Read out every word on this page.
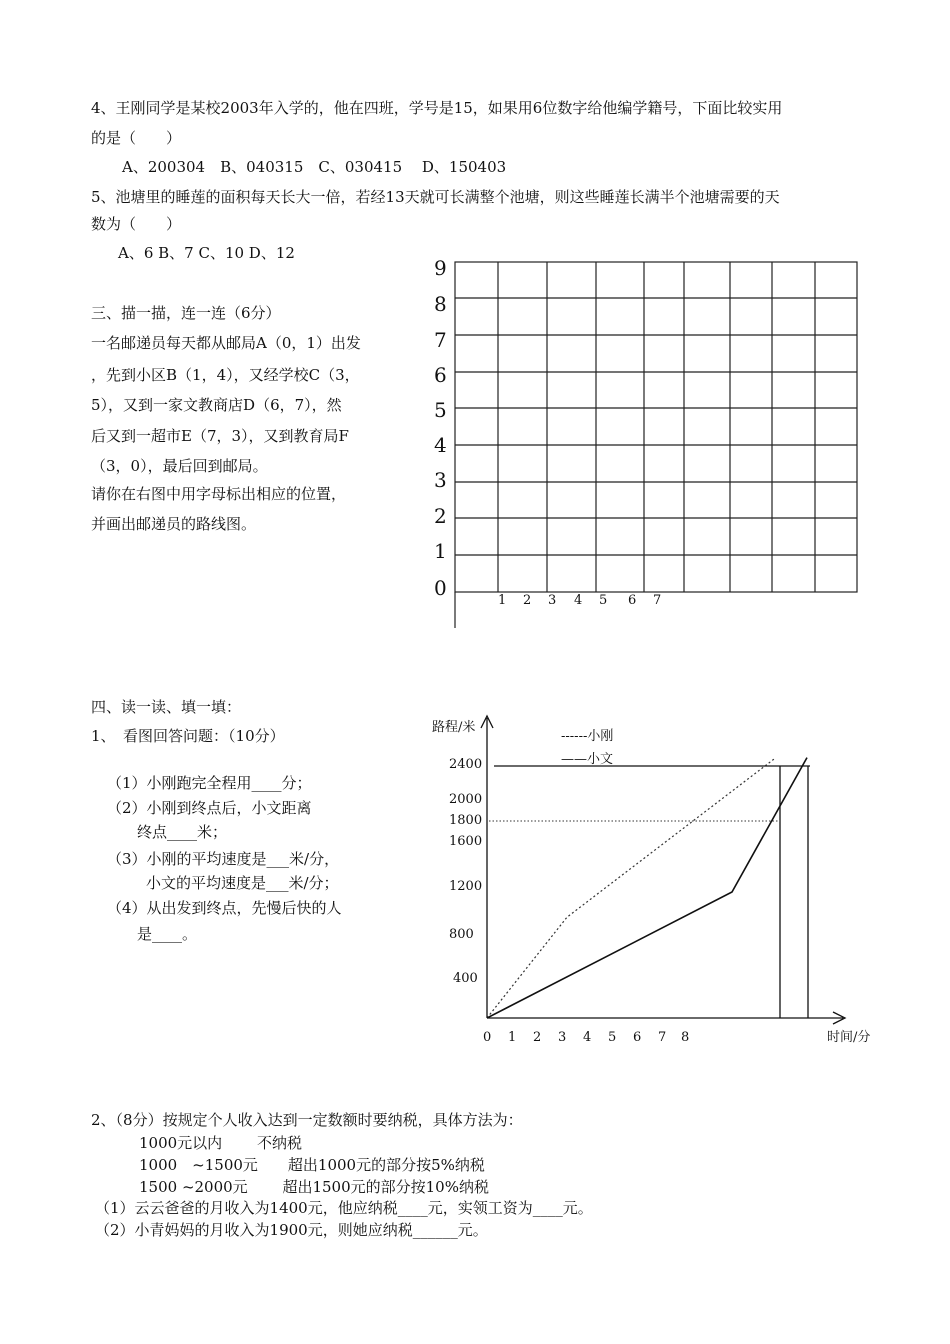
4、王刚同学是某校2003年入学的，他在四班，学号是15，如果用6位数字给他编学籍号，下面比较实用
的是（　　）
A、200304　B、040315　C、030415　 D、150403
5、池塘里的睡莲的面积每天长大一倍，若经13天就可长满整个池塘，则这些睡莲长满半个池塘需要的天
数为（　　）
A、6 B、7 C、10 D、12
三、描一描，连一连（6分）
一名邮递员每天都从邮局A（0，1）出发
，先到小区B（1，4），又经学校C（3，
5），又到一家文教商店D（6，7），然
后又到一超市E（7，3），又到教育局F
（3，0），最后回到邮局。
请你在右图中用字母标出相应的位置，
并画出邮递员的路线图。
9
8
7
6
5
4
3
2
1
0
1 2 3 4 5 6 7
四、读一读、填一填：
1、　看图回答问题：（10分）
（1）小刚跑完全程用____分；
（2）小刚到终点后，小文距离
终点____米；
（3）小刚的平均速度是___米/分，
小文的平均速度是___米/分；
（4）从出发到终点，先慢后快的人
是____。
路程/米
------小刚
——小文
2400
2000
1800
1600
1200
800
400
0 1 2 3 4 5 6 7 8	时间/分
2、（8分）按规定个人收入达到一定数额时要纳税，具体方法为：
1000元以内　　 不纳税
1000　~1500元　　超出1000元的部分按5%纳税
1500 ~2000元　　 超出1500元的部分按10%纳税
（1）云云爸爸的月收入为1400元，他应纳税____元，实领工资为____元。
（2）小青妈妈的月收入为1900元，则她应纳税______元。
